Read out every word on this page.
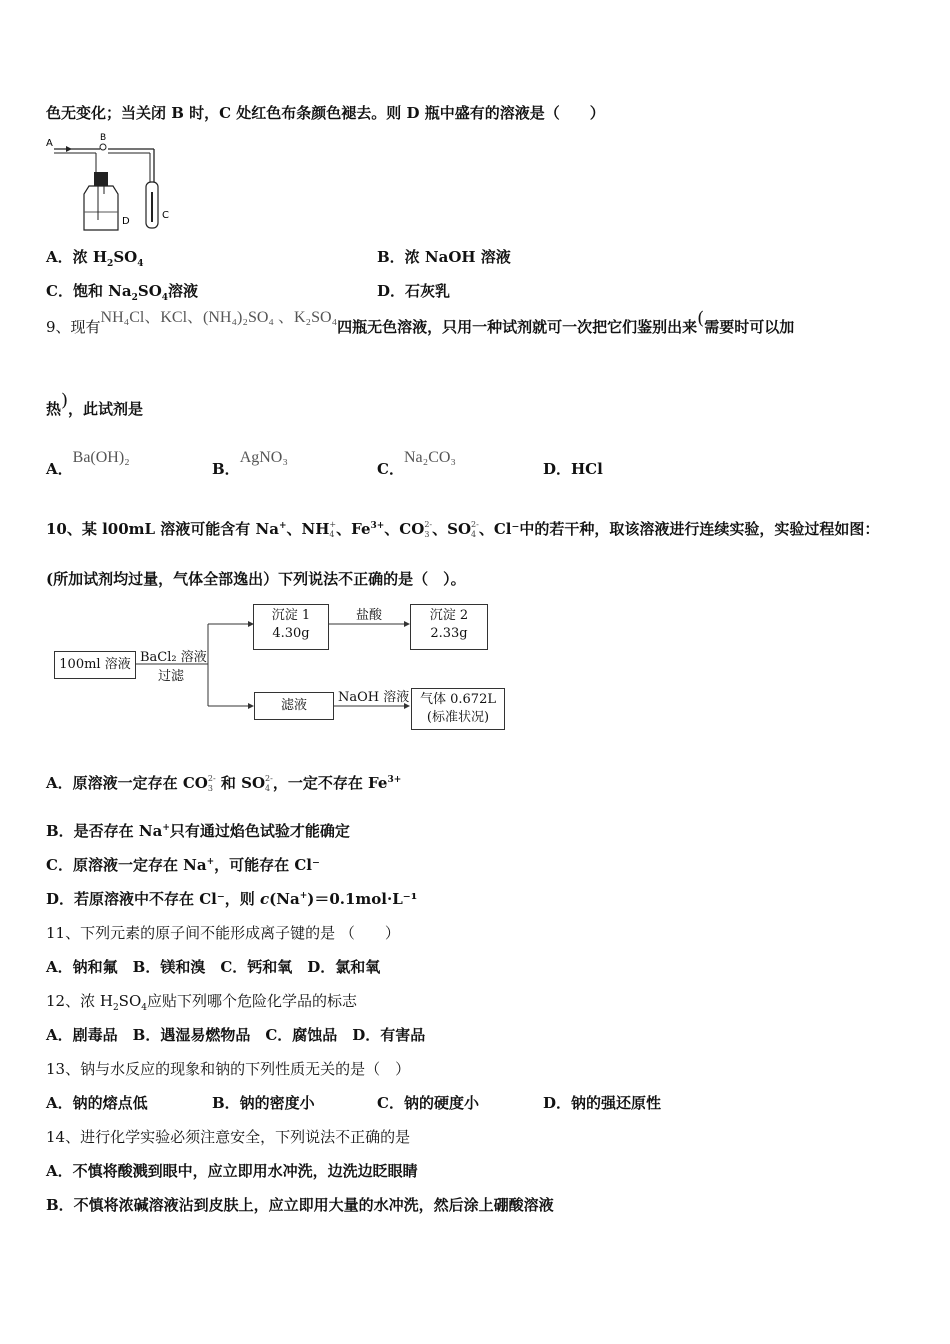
色无变化；当关闭 B 时，C 处红色布条颜色褪去。则 D 瓶中盛有的溶液是（　　）
A	B
D
C
A．浓 $H_2SO_4$	B．浓 NaOH 溶液
C．饱和 $Na_2SO_4$溶液	D．石灰乳
9、现有NH₄Cl、KCl、(NH₄)₂SO₄ 、K₂SO₄四瓶无色溶液，只用一种试剂就可一次把它们鉴别出来(需要时可以加
热)，此试剂是
A．Ba(OH)₂
B．AgNO₃
C．Na₂CO₃
D．HCl
10、某 l00mL 溶液可能含有 Na+、NH+
4 、$Fe^{3+}$、CO2-
3 、SO2-
4 、Cl⁻中的若干种，取该溶液进行连续实验，实验过程如图：
(所加试剂均过量，气体全部逸出）下列说法不正确的是（　）。
100ml 溶液 BaCl₂ 溶液
过滤
沉淀 1
4.30g
盐酸	沉淀 2
2.33g
滤液
NaOH 溶液 气体 0.672L
(标准状况)
A．原溶液一定存在 CO2-
3 和 SO2-
4 ，一定不存在 $Fe^{3+}$
B．是否存在 Na+只有通过焰色试验才能确定
C．原溶液一定存在 Na+，可能存在 Cl⁻
D．若原溶液中不存在 Cl⁻，则 c(Na+)＝0.1mol·L⁻¹
11、下列元素的原子间不能形成离子键的是 （　　）
A．钠和氟　B．镁和溴　C．钙和氧　D．氯和氧
12、浓 $H_2SO_4$应贴下列哪个危险化学品的标志
A．剧毒品　B．遇湿易燃物品　C．腐蚀品　D．有害品
13、钠与水反应的现象和钠的下列性质无关的是（　）
A．钠的熔点低	B．钠的密度小	C．钠的硬度小	D．钠的强还原性
14、进行化学实验必须注意安全，下列说法不正确的是
A．不慎将酸溅到眼中，应立即用水冲洗，边洗边眨眼睛
B．不慎将浓碱溶液沾到皮肤上，应立即用大量的水冲洗，然后涂上硼酸溶液
